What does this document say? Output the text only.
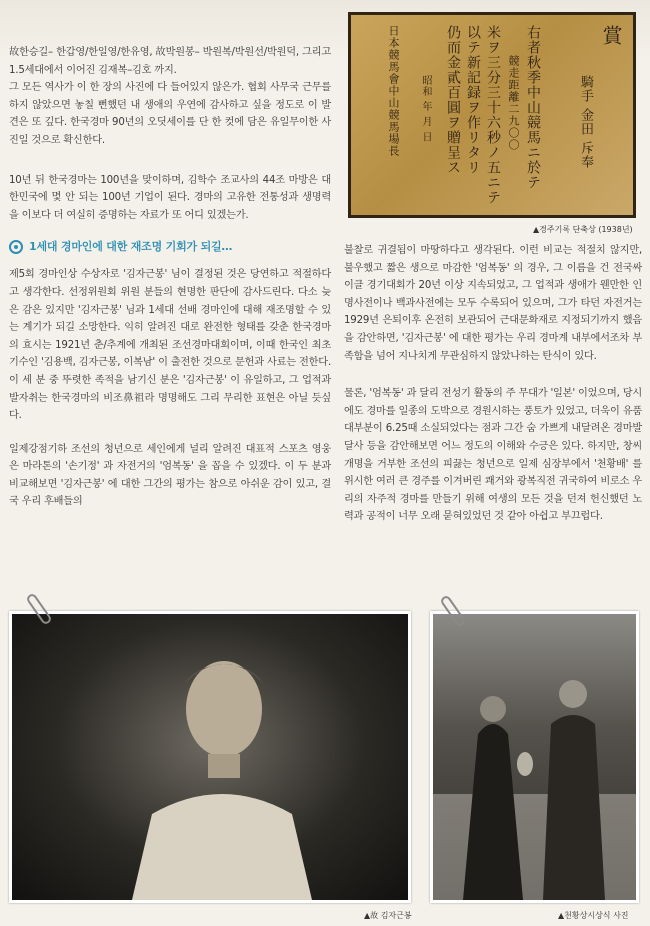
故한승길– 한갑영/한일영/한유영, 故박원봉– 박원복/박원선/박원덕, 그리고 1.5세대에서 이어진 김재복–김호 까지.

그 모든 역사가 이 한 장의 사진에 다 들어있지 않은가. 협회 사무국 근무를 하지 않았으면 놓칠 뻔했던 내 생애의 우연에 감사하고 싶을 정도로 이 발견은 또 깊다. 한국경마 90년의 오딧세이를 단 한 컷에 담은 유일무이한 사진일 것으로 확신한다.

10년 뒤 한국경마는 100년을 맞이하며, 김학수 조교사의 44조 마방은 대한민국에 몇 안 되는 100년 기업이 된다. 경마의 고유한 전통성과 생명력을 이보다 더 여실히 증명하는 자료가 또 어디 있겠는가.

1세대 경마인에 대한 재조명 기회가 되길…

제5회 경마인상 수상자로 '김자근봉' 님이 결정된 것은 당연하고 적절하다고 생각한다. 선정위원회 위원 분들의 현명한 판단에 감사드린다. 다소 늦은 감은 있지만 '김자근봉' 님과 1세대 선배 경마인에 대해 재조명할 수 있는 계기가 되길 소망한다. 익히 알려진 대로 완전한 형태를 갖춘 한국경마의 효시는 1921년 춘/추계에 개최된 조선경마대회이며, 이때 한국인 최초 기수인 '김용백, 김자근봉, 이복남' 이 출전한 것으로 문헌과 사료는 전한다. 이 세 분 중 뚜렷한 족적을 남기신 분은 '김자근봉' 이 유일하고, 그 업적과 발자취는 한국경마의 비조鼻祖라 명명해도 그리 무리한 표현은 아닐 듯싶다.

일제강점기하 조선의 청년으로 세인에게 널리 알려진 대표적 스포츠 영웅은 마라톤의 '손기정' 과 자전거의 '엄복동' 을 꼽을 수 있겠다. 이 두 분과 비교해보면 '김자근봉' 에 대한 그간의 평가는 참으로 아쉬운 감이 있고, 결국 우리 후배들의

賞
騎手 金田 斥奉
右者秋季中山競馬ニ於テ
競走距離二九〇〇
米ヲ三分三十六秒ノ五ニテ
以テ新記録ヲ作リタリ
仍而金貳百圓ヲ贈呈ス
昭和 年 月 日
日本競馬會中山競馬場長
▲경주기록 단축상 (1938년)

불찰로 귀결됨이 마땅하다고 생각된다. 이런 비교는 적절치 않지만, 불우했고 짧은 생으로 마감한 '엄복동' 의 경우, 그 이름을 건 전국싸이클 경기대회가 20년 이상 지속되었고, 그 업적과 생애가 웬만한 인명사전이나 백과사전에는 모두 수록되어 있으며, 그가 타던 자전거는 1929년 은퇴이후 온전히 보관되어 근대문화재로 지정되기까지 했음을 감안하면, '김자근봉' 에 대한 평가는 우리 경마계 내부에서조차 부족함을 넘어 지나치게 무관심하지 않았나하는 탄식이 있다.

물론, '엄복동' 과 달리 전성기 활동의 주 무대가 '일본' 이었으며, 당시에도 경마를 일종의 도박으로 경원시하는 풍토가 있었고, 더욱이 유품 대부분이 6.25때 소실되었다는 점과 그간 숨 가쁘게 내달려온 경마발달사 등을 감안해보면 어느 정도의 이해와 수긍은 있다. 하지만, 창씨개명을 거부한 조선의 피끓는 청년으로 일제 심장부에서 '천황배' 를 위시한 여러 큰 경주를 이겨버린 쾌거와 광복직전 귀국하여 비로소 우리의 자주적 경마를 만들기 위해 여생의 모든 것을 던져 헌신했던 노력과 공적이 너무 오래 묻혀있었던 것 같아 아쉽고 부끄럽다.

▲故 김자근봉	▲천황상시상식 사진
